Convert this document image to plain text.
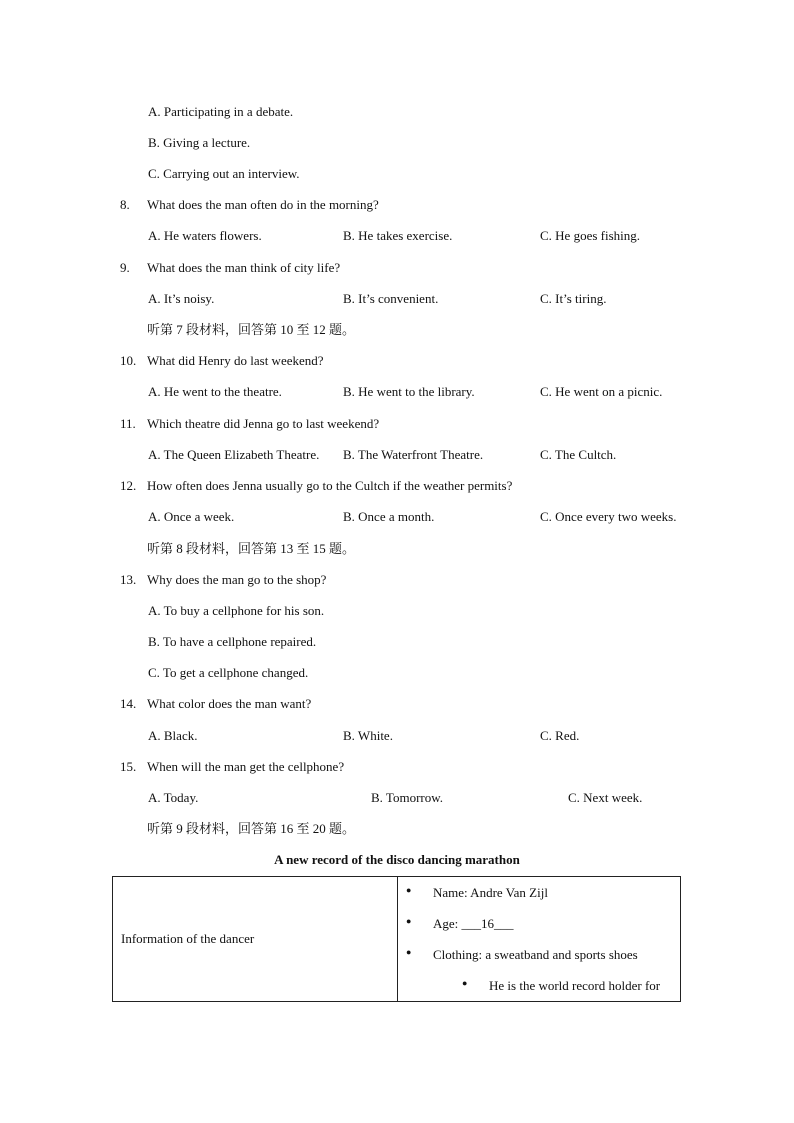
A. Participating in a debate.
B. Giving a lecture.
C. Carrying out an interview.
8. What does the man often do in the morning?
A. He waters flowers.	B. He takes exercise.	C. He goes fishing.
9. What does the man think of city life?
A. It’s noisy.	B. It’s convenient.	C. It’s tiring.
听第 7 段材料，回答第 10 至 12 题。
10. What did Henry do last weekend?
A. He went to the theatre.	B. He went to the library.	C. He went on a picnic.
11. Which theatre did Jenna go to last weekend?
A. The Queen Elizabeth Theatre. B. The Waterfront Theatre.	C. The Cultch.
12. How often does Jenna usually go to the Cultch if the weather permits?
A. Once a week.	B. Once a month.	C. Once every two weeks.
听第 8 段材料，回答第 13 至 15 题。
13. Why does the man go to the shop?
A. To buy a cellphone for his son.
B. To have a cellphone repaired.
C. To get a cellphone changed.
14. What color does the man want?
A. Black.	B. White.	C. Red.
15. When will the man get the cellphone?
A. Today.	B. Tomorrow.	C. Next week.
听第 9 段材料，回答第 16 至 20 题。
A new record of the disco dancing marathon
Information of the dancer

● Name: Andre Van Zijl
● Age: ___16___
● Clothing: a sweatband and sports shoes
● He is the world record holder for
